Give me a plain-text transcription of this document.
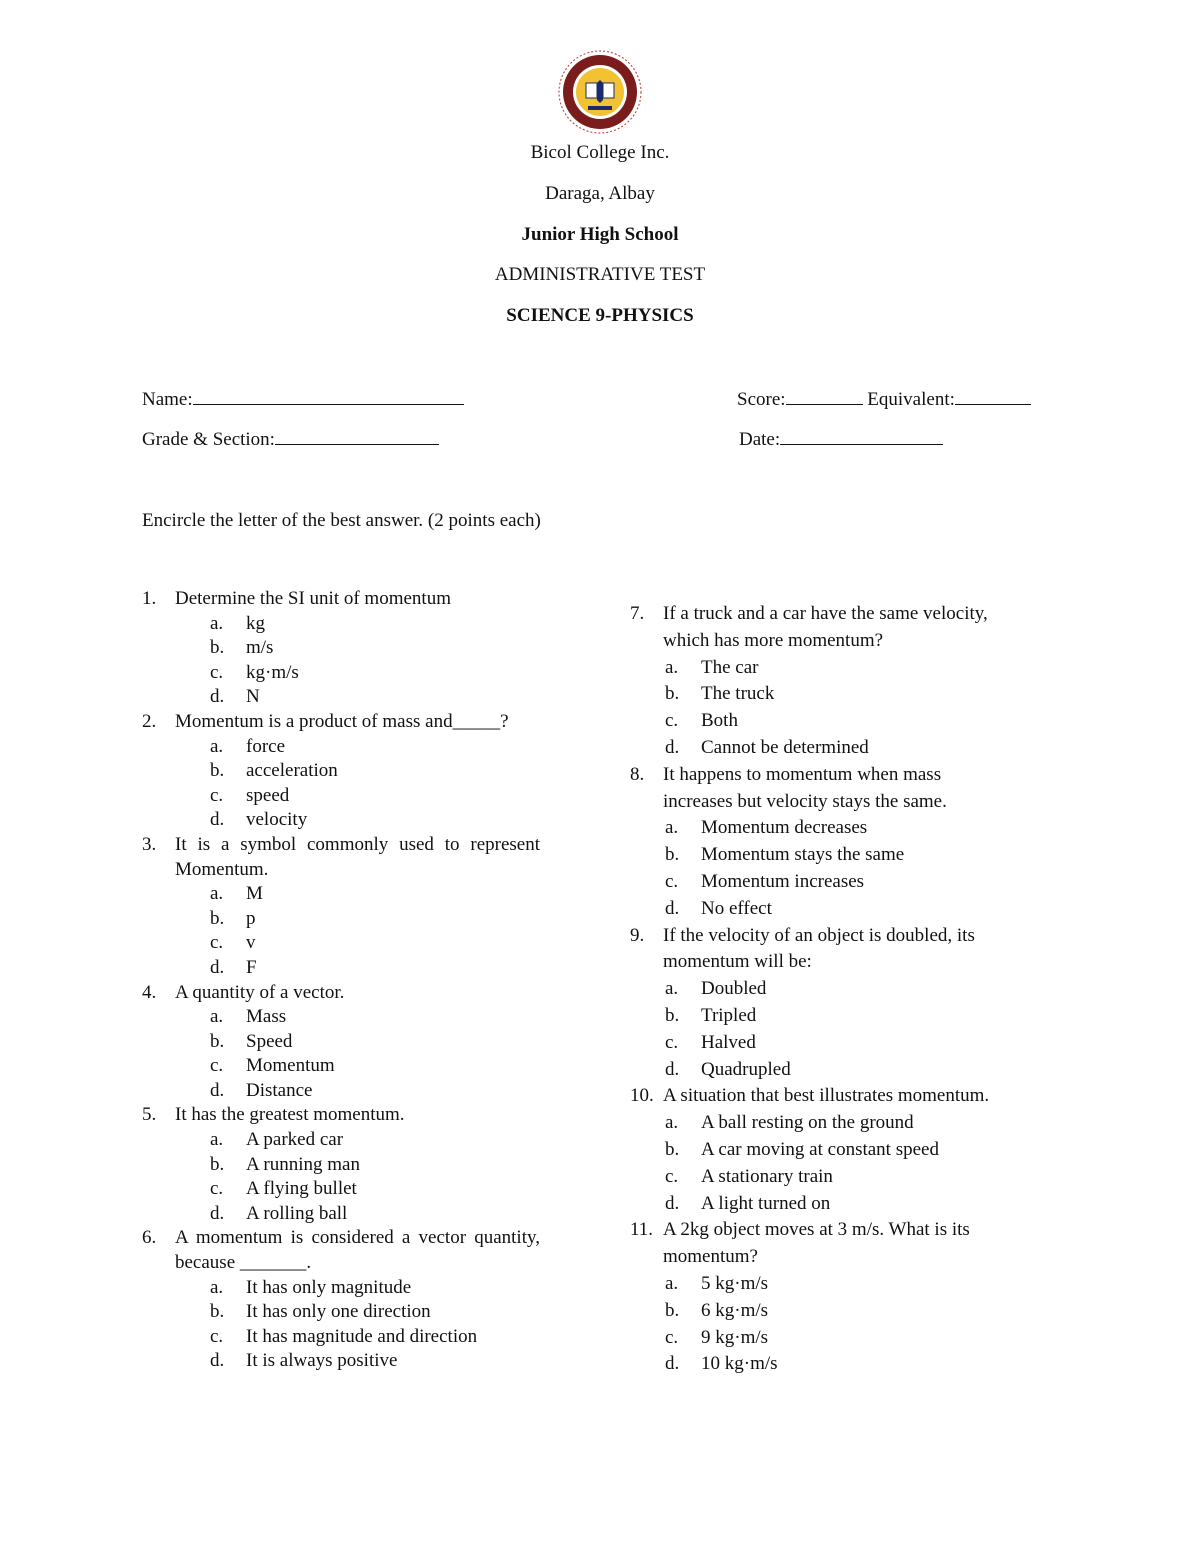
Bicol College Inc.
Daraga, Albay
Junior High School
ADMINISTRATIVE TEST
SCIENCE 9-PHYSICS
Name:	Score:	Equivalent:
Grade & Section:	Date:
Encircle the letter of the best answer. (2 points each)
1. Determine the SI unit of momentum
a. kg
b. m/s
c. kg·m/s
d. N
2. Momentum is a product of mass and_____?
a. force
b. acceleration
c. speed
d. velocity
3. It is a symbol commonly used to represent Momentum.
a. M
b. p
c. v
d. F
4. A quantity of a vector.
a. Mass
b. Speed
c. Momentum
d. Distance
5. It has the greatest momentum.
a. A parked car
b. A running man
c. A flying bullet
d. A rolling ball
6. A momentum is considered a vector quantity, because _______.
a. It has only magnitude
b. It has only one direction
c. It has magnitude and direction
d. It is always positive
7. If a truck and a car have the same velocity, which has more momentum?
a. The car
b. The truck
c. Both
d. Cannot be determined
8. It happens to momentum when mass increases but velocity stays the same.
a. Momentum decreases
b. Momentum stays the same
c. Momentum increases
d. No effect
9. If the velocity of an object is doubled, its momentum will be:
a. Doubled
b. Tripled
c. Halved
d. Quadrupled
10. A situation that best illustrates momentum.
a. A ball resting on the ground
b. A car moving at constant speed
c. A stationary train
d. A light turned on
11. A 2kg object moves at 3 m/s. What is its momentum?
a. 5 kg·m/s
b. 6 kg·m/s
c. 9 kg·m/s
d. 10 kg·m/s
